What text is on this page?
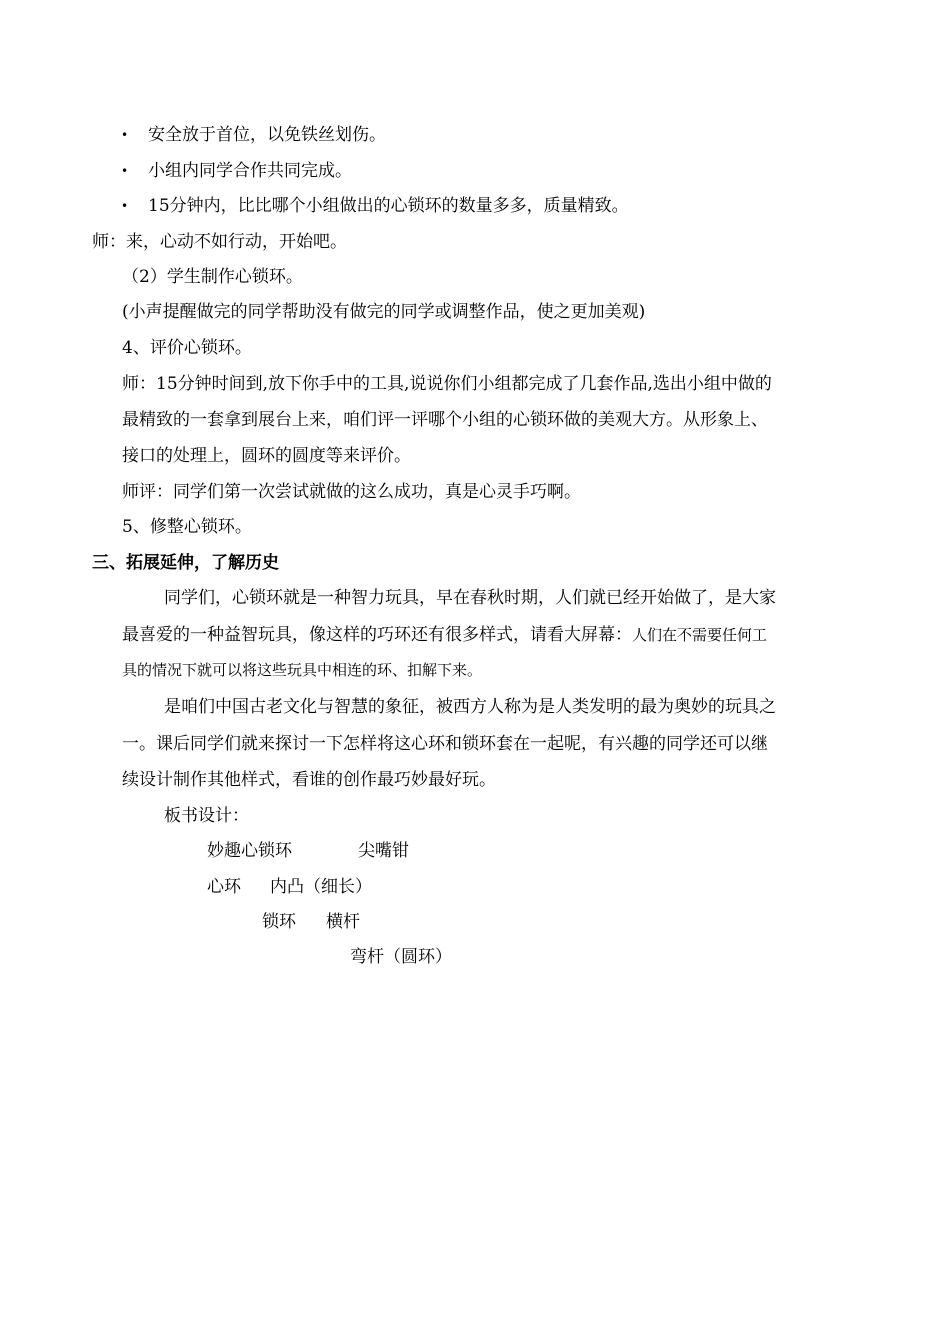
• 安全放于首位，以免铁丝划伤。
• 小组内同学合作共同完成。
• 15分钟内，比比哪个小组做出的心锁环的数量多多，质量精致。
师：来，心动不如行动，开始吧。
（2）学生制作心锁环。
(小声提醒做完的同学帮助没有做完的同学或调整作品，使之更加美观)
4、评价心锁环。
师：15分钟时间到,放下你手中的工具,说说你们小组都完成了几套作品,选出小组中做的
最精致的一套拿到展台上来，咱们评一评哪个小组的心锁环做的美观大方。从形象上、
接口的处理上，圆环的圆度等来评价。
师评：同学们第一次尝试就做的这么成功，真是心灵手巧啊。
5、修整心锁环。
三、拓展延伸，了解历史
同学们，心锁环就是一种智力玩具，早在春秋时期，人们就已经开始做了，是大家
最喜爱的一种益智玩具，像这样的巧环还有很多样式，请看大屏幕：人们在不需要任何工
具的情况下就可以将这些玩具中相连的环、扣解下来。
是咱们中国古老文化与智慧的象征，被西方人称为是人类发明的最为奥妙的玩具之
一。课后同学们就来探讨一下怎样将这心环和锁环套在一起呢，有兴趣的同学还可以继
续设计制作其他样式，看谁的创作最巧妙最好玩。
板书设计：
妙趣心锁环	尖嘴钳
心环 内凸（细长）
锁环 横杆
弯杆（圆环）
